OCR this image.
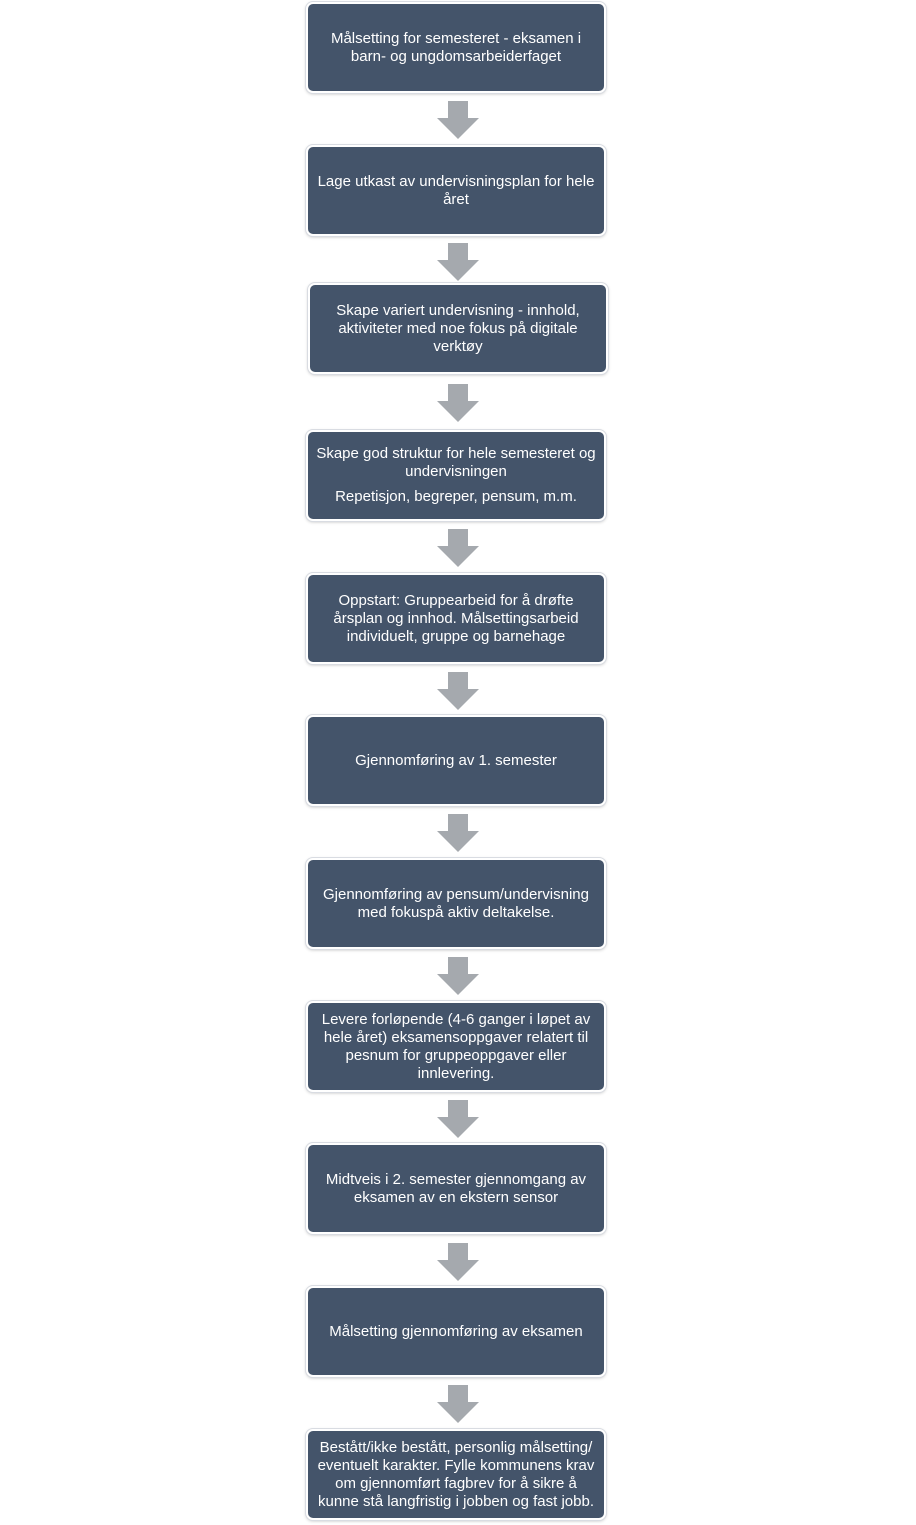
Målsetting for semesteret - eksamen i barn- og ungdomsarbeiderfaget
Lage utkast av undervisningsplan for hele året
Skape variert undervisning - innhold, aktiviteter med noe fokus på digitale verktøy
Skape god struktur for hele semesteret og undervisningen
Repetisjon, begreper, pensum, m.m.
Oppstart: Gruppearbeid for å drøfte årsplan og innhod. Målsettingsarbeid individuelt, gruppe og barnehage
Gjennomføring av 1. semester
Gjennomføring av pensum/undervisning med fokuspå aktiv deltakelse.
Levere forløpende (4-6 ganger i løpet av hele året) eksamensoppgaver relatert til pesnum for gruppeoppgaver eller innlevering.
Midtveis i 2. semester gjennomgang av eksamen av en ekstern sensor
Målsetting gjennomføring av eksamen
Bestått/ikke bestått, personlig målsetting/ eventuelt karakter. Fylle kommunens krav om gjennomført fagbrev for å sikre å kunne stå langfristig i jobben og fast jobb.
